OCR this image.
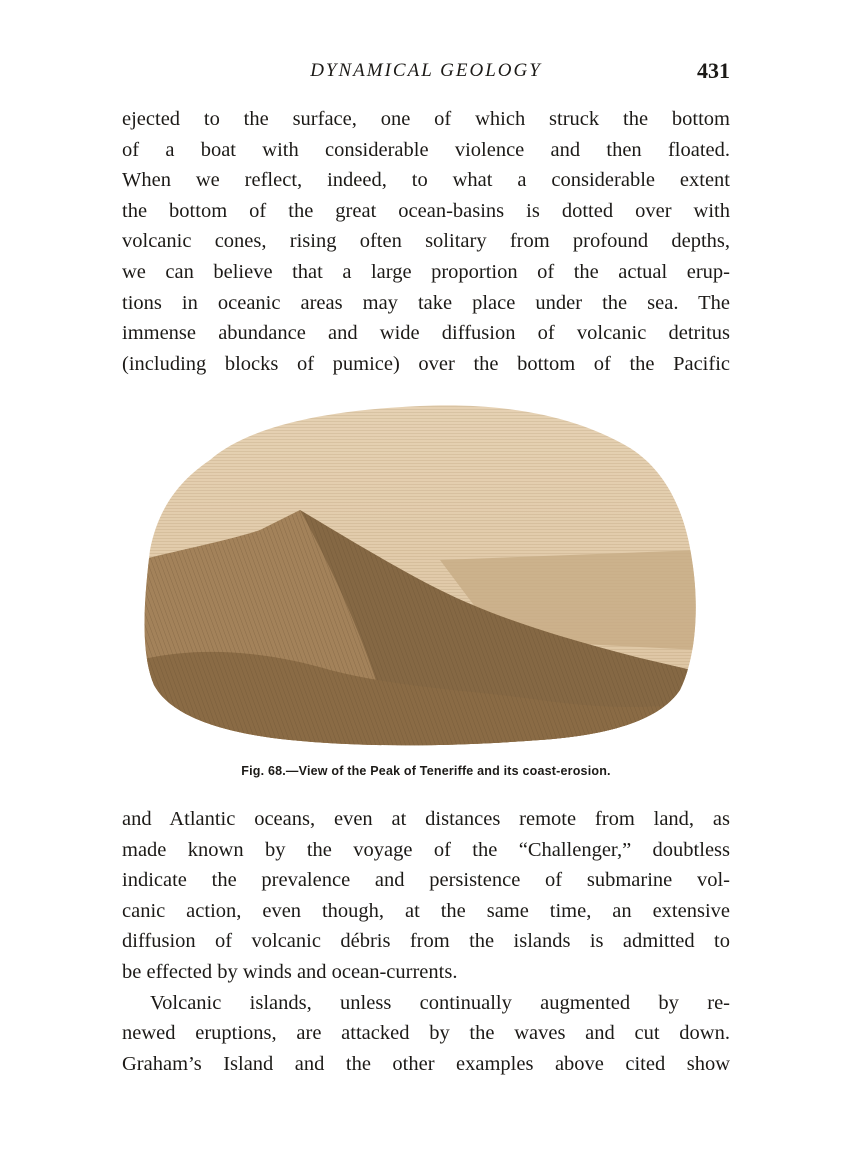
DYNAMICAL GEOLOGY	431
ejected to the surface, one of which struck the bottom
of a boat with considerable violence and then floated.
When we reflect, indeed, to what a considerable extent
the bottom of the great ocean-basins is dotted over with
volcanic cones, rising often solitary from profound depths,
we can believe that a large proportion of the actual erup-
tions in oceanic areas may take place under the sea. The
immense abundance and wide diffusion of volcanic detritus
(including blocks of pumice) over the bottom of the Pacific
Fig. 68.—View of the Peak of Teneriffe and its coast-erosion.
and Atlantic oceans, even at distances remote from land, as
made known by the voyage of the “Challenger,” doubtless
indicate the prevalence and persistence of submarine vol-
canic action, even though, at the same time, an extensive
diffusion of volcanic débris from the islands is admitted to
be effected by winds and ocean-currents.
Volcanic islands, unless continually augmented by re-
newed eruptions, are attacked by the waves and cut down.
Graham’s Island and the other examples above cited show
